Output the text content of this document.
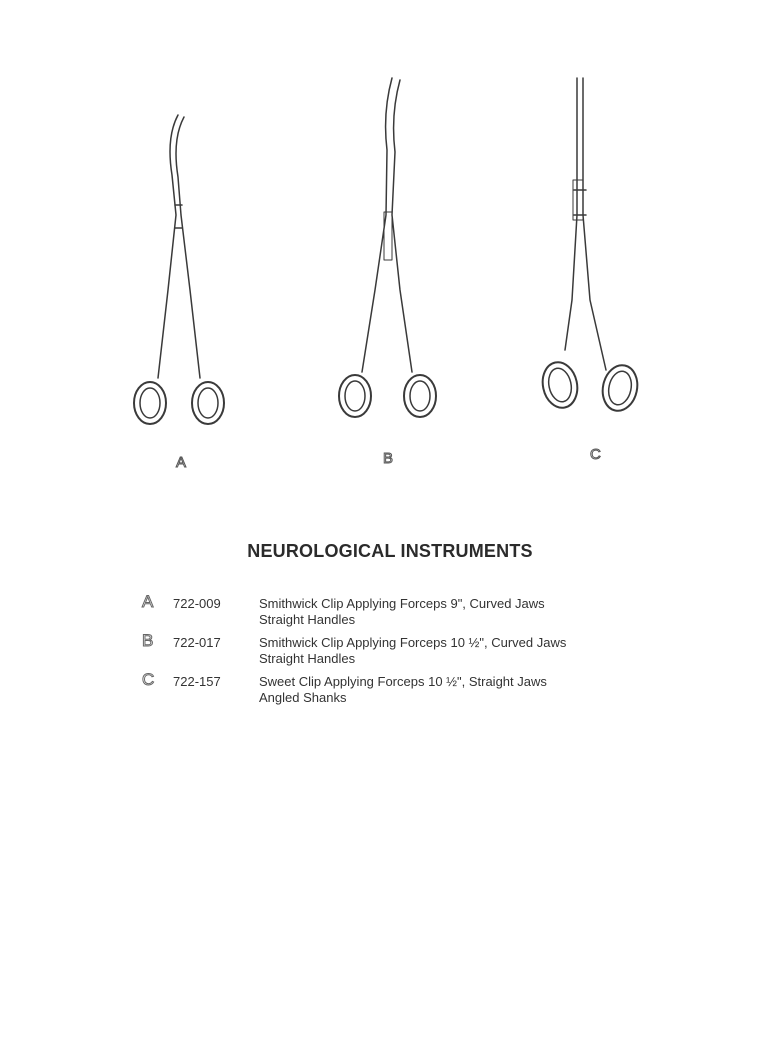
A	B	C
NEUROLOGICAL INSTRUMENTS
A 722-009	Smithwick Clip Applying Forceps 9", Curved Jaws
Straight Handles
B 722-017	Smithwick Clip Applying Forceps 10 ½", Curved Jaws
Straight Handles
C 722-157	Sweet Clip Applying Forceps 10 ½", Straight Jaws
Angled Shanks
